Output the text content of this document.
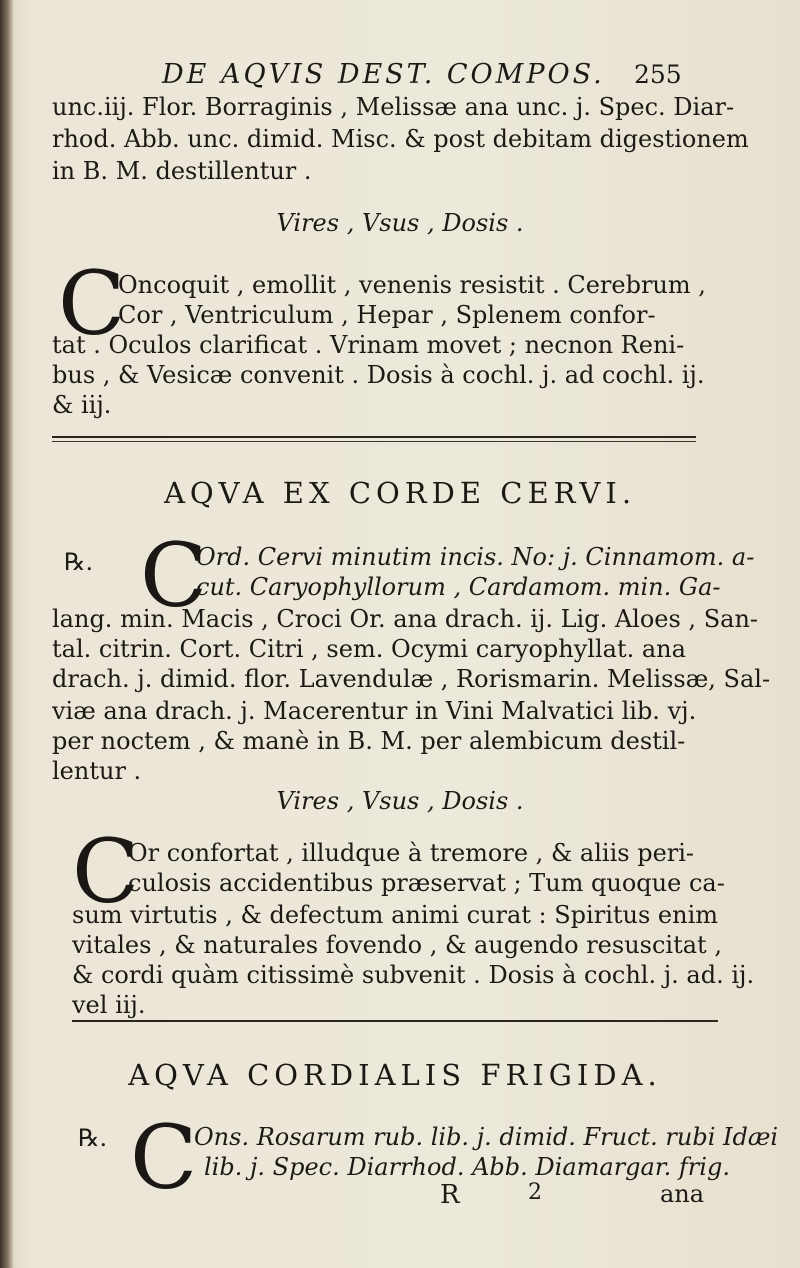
DE AQVIS DEST. COMPOS.	255
unc.iij. Flor. Borraginis , Melissæ ana unc. j. Spec. Diar-
rhod. Abb. unc. dimid. Misc. & post debitam digestionem
in B. M. destillentur .
Vires , Vsus , Dosis .
C
Oncoquit , emollit , venenis resistit . Cerebrum ,
Cor , Ventriculum , Hepar , Splenem confor-
tat . Oculos clarificat . Vrinam movet ; necnon Reni-
bus , & Vesicæ convenit . Dosis à cochl. j. ad cochl. ij.
& iij.
AQVA EX CORDE CERVI.
℞. C
Ord. Cervi minutim incis. No: j. Cinnamom. a-
cut. Caryophyllorum , Cardamom. min. Ga-
lang. min. Macis , Croci Or. ana drach. ij. Lig. Aloes , San-
tal. citrin. Cort. Citri , sem. Ocymi caryophyllat. ana
drach. j. dimid. flor. Lavendulæ , Rorismarin. Melissæ, Sal-
viæ ana drach. j. Macerentur in Vini Malvatici lib. vj.
per noctem , & manè in B. M. per alembicum destil-
lentur .
Vires , Vsus , Dosis .
C
Or confortat , illudque à tremore , & aliis peri-
culosis accidentibus præservat ; Tum quoque ca-
sum virtutis , & defectum animi curat : Spiritus enim
vitales , & naturales fovendo , & augendo resuscitat ,
& cordi quàm citissimè subvenit . Dosis à cochl. j. ad. ij.
vel iij.
AQVA CORDIALIS FRIGIDA.
℞. C
Ons. Rosarum rub. lib. j. dimid. Fruct. rubi Idæi
lib. j. Spec. Diarrhod. Abb. Diamargar. frig.
R	2	ana
